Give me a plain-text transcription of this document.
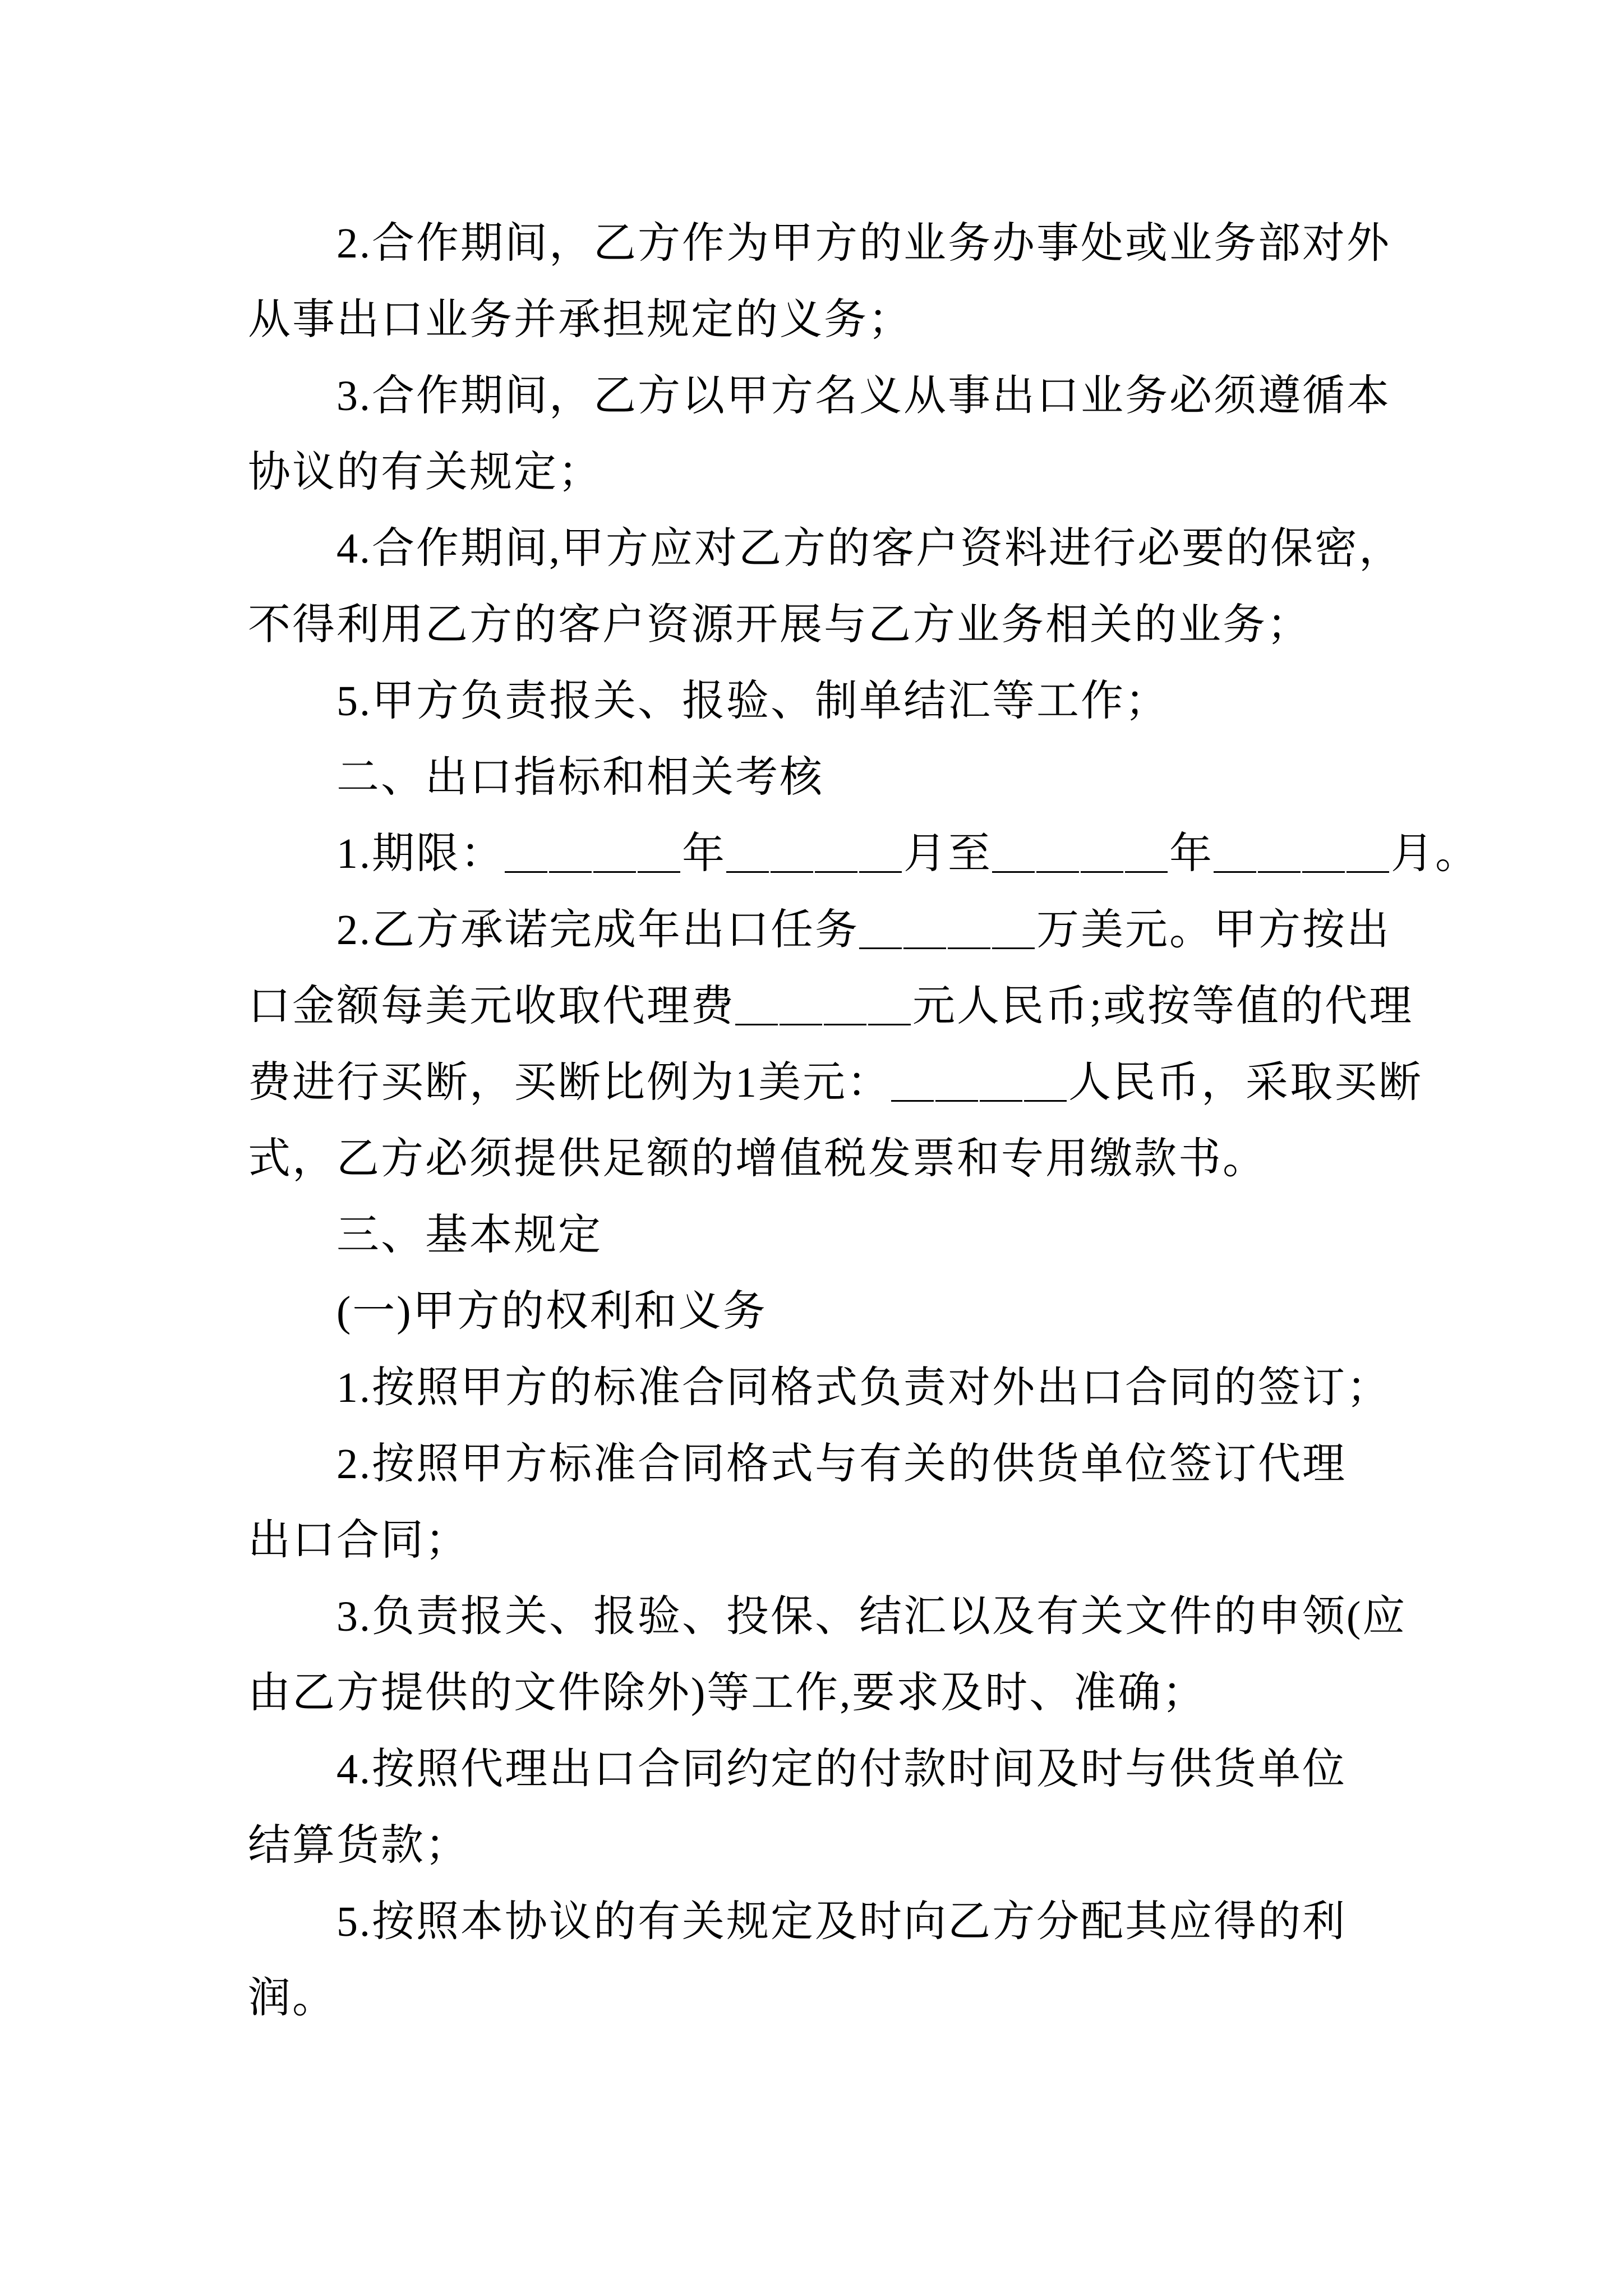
2.合作期间，乙方作为甲方的业务办事处或业务部对外
从事出口业务并承担规定的义务；
3.合作期间，乙方以甲方名义从事出口业务必须遵循本
协议的有关规定；
4.合作期间,甲方应对乙方的客户资料进行必要的保密，
不得利用乙方的客户资源开展与乙方业务相关的业务；
5.甲方负责报关、报验、制单结汇等工作；
二、出口指标和相关考核
1.期限：＿＿＿＿年＿＿＿＿月至＿＿＿＿年＿＿＿＿月。
2.乙方承诺完成年出口任务＿＿＿＿万美元。甲方按出
口金额每美元收取代理费＿＿＿＿元人民币;或按等值的代理
费进行买断，买断比例为1美元：＿＿＿＿人民币，采取买断
式，乙方必须提供足额的增值税发票和专用缴款书。
三、基本规定
(一)甲方的权利和义务
1.按照甲方的标准合同格式负责对外出口合同的签订；
2.按照甲方标准合同格式与有关的供货单位签订代理
出口合同；
3.负责报关、报验、投保、结汇以及有关文件的申领(应
由乙方提供的文件除外)等工作,要求及时、准确；
4.按照代理出口合同约定的付款时间及时与供货单位
结算货款；
5.按照本协议的有关规定及时向乙方分配其应得的利
润。
